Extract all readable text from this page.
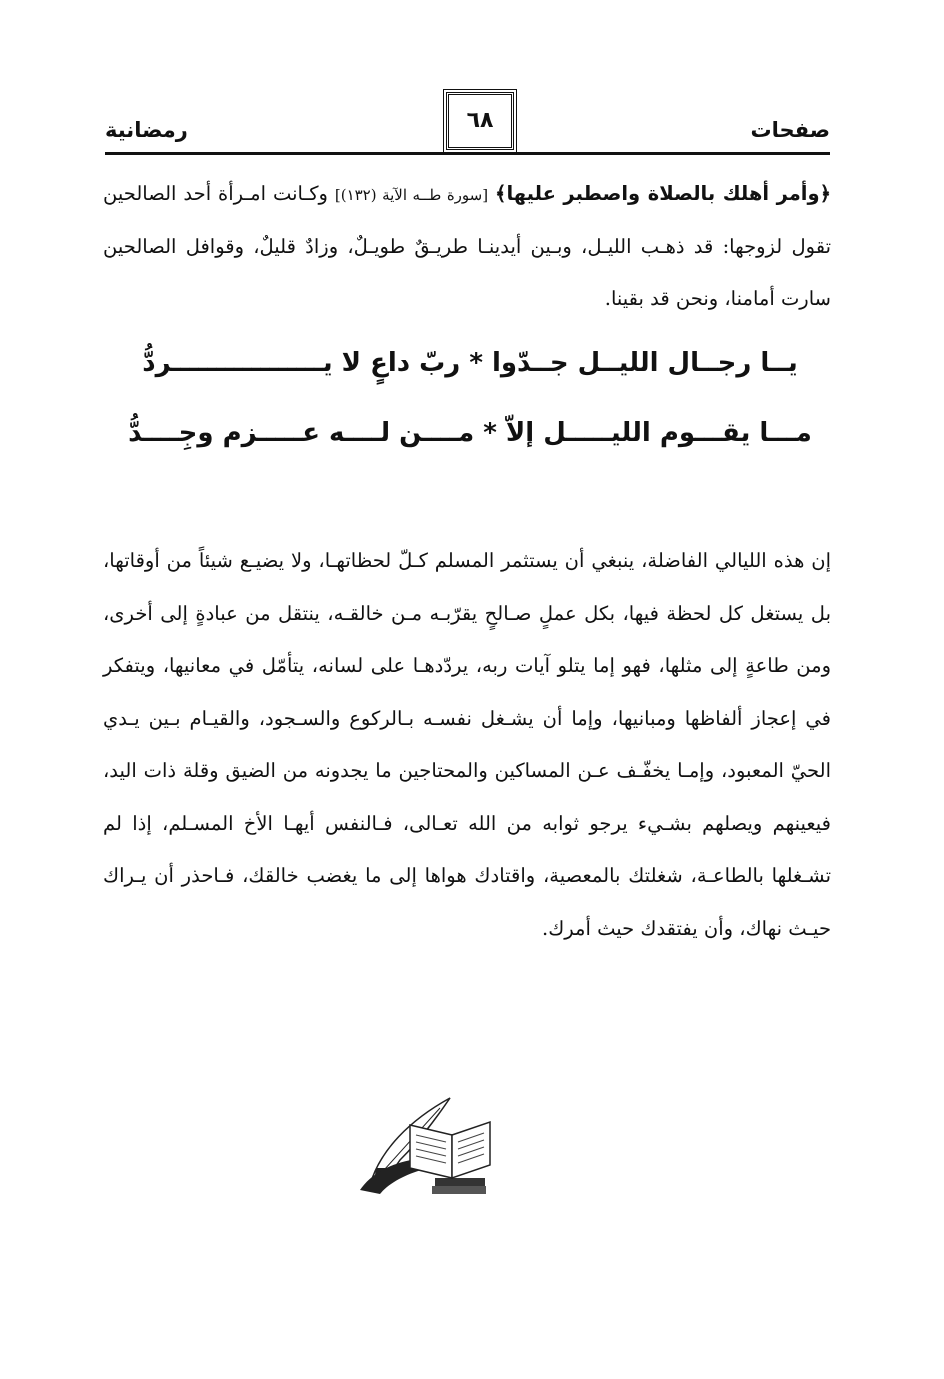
صفحات
٦٨
رمضانية

﴿وأمر أهلك بالصلاة واصطبر عليها﴾ [سورة طــه الآية (١٣٢)] وكـانت امـرأة أحد الصالحين تقول لزوجها: قد ذهـب الليـل، وبـين أيدينـا طريـقٌ طويـلٌ، وزادٌ قليلٌ، وقوافل الصالحين سارت أمامنا، ونحن قد بقينا.

يــا رجــال الليــل جــدّوا * ربّ داعٍ لا يـــــــــــــــــردُّ
مـــا يقـــوم الليـــــل إلاّ * مــــن لــــه عـــــزم وجِــــدُّ

إن هذه الليالي الفاضلة، ينبغي أن يستثمر المسلم كـلّ لحظاتهـا، ولا يضيـع شيئاً من أوقاتها، بل يستغل كل لحظة فيها، بكل عملٍ صـالحٍ يقرّبـه مـن خالقـه، ينتقل من عبادةٍ إلى أخرى، ومن طاعةٍ إلى مثلها، فهو إما يتلو آيات ربه، يردّدهـا على لسانه، يتأمّل في معانيها، ويتفكر في إعجاز ألفاظها ومبانيها، وإما أن يشـغل نفسـه بـالركوع والسـجود، والقيـام بـين يـدي الحيّ المعبود، وإمـا يخفّـف عـن المساكين والمحتاجين ما يجدونه من الضيق وقلة ذات اليد، فيعينهم ويصلهم بشـيء يرجو ثوابه من الله تعـالى، فـالنفس أيهـا الأخ المسـلم، إذا لم تشـغلها بالطاعـة، شغلتك بالمعصية، واقتادك هواها إلى ما يغضب خالقك، فـاحذر أن يـراك حيـث نهاك، وأن يفتقدك حيث أمرك.
